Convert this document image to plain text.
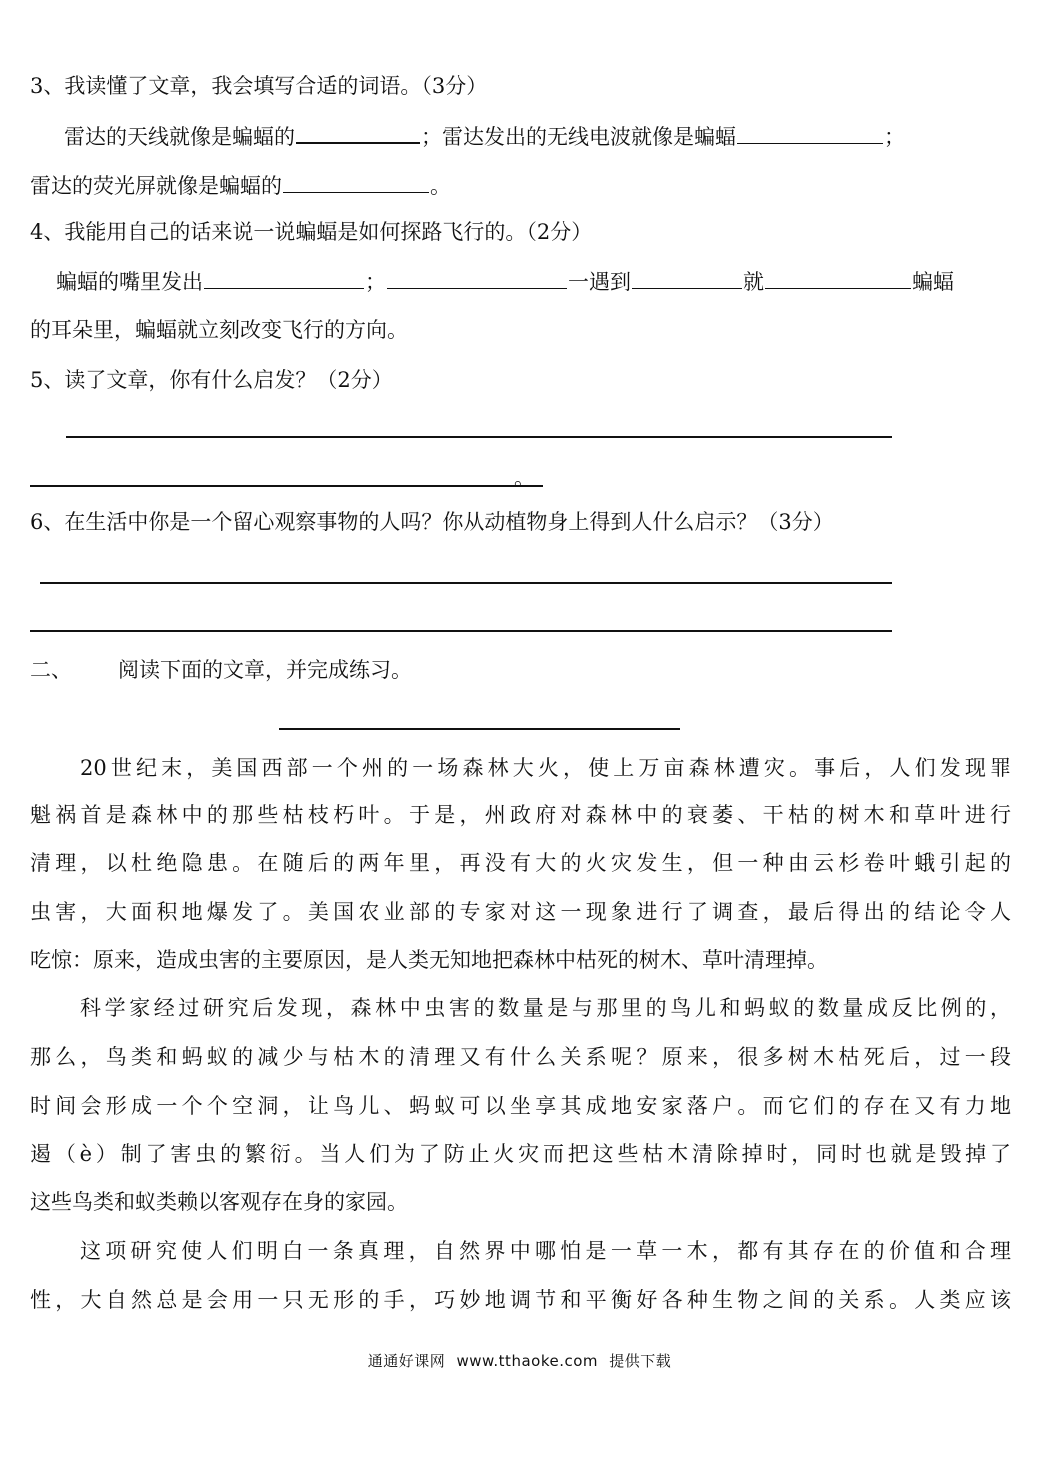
3、我读懂了文章，我会填写合适的词语。（3分）
雷达的天线就像是蝙蝠的	；雷达发出的无线电波就像是蝙蝠	；
雷达的荧光屏就像是蝙蝠的	。
4、我能用自己的话来说一说蝙蝠是如何探路飞行的。（2分）
蝙蝠的嘴里发出	；	一遇到	就	蝙蝠
的耳朵里，蝙蝠就立刻改变飞行的方向。
5、读了文章，你有什么启发？（2分）
。
6、在生活中你是一个留心观察事物的人吗？你从动植物身上得到人什么启示？（3分）
二、 阅读下面的文章，并完成练习。
20世纪末，美国西部一个州的一场森林大火，使上万亩森林遭灾。事后，人们发现罪
魁祸首是森林中的那些枯枝朽叶。于是，州政府对森林中的衰萎、干枯的树木和草叶进行
清理，以杜绝隐患。在随后的两年里，再没有大的火灾发生，但一种由云杉卷叶蛾引起的
虫害，大面积地爆发了。美国农业部的专家对这一现象进行了调查，最后得出的结论令人
吃惊：原来，造成虫害的主要原因，是人类无知地把森林中枯死的树木、草叶清理掉。
科学家经过研究后发现，森林中虫害的数量是与那里的鸟儿和蚂蚁的数量成反比例的，
那么，鸟类和蚂蚁的减少与枯木的清理又有什么关系呢？原来，很多树木枯死后，过一段
时间会形成一个个空洞，让鸟儿、蚂蚁可以坐享其成地安家落户。而它们的存在又有力地
遏（è）制了害虫的繁衍。当人们为了防止火灾而把这些枯木清除掉时，同时也就是毁掉了
这些鸟类和蚁类赖以客观存在身的家园。
这项研究使人们明白一条真理，自然界中哪怕是一草一木，都有其存在的价值和合理
性，大自然总是会用一只无形的手，巧妙地调节和平衡好各种生物之间的关系。人类应该
通通好课网 www.tthaoke.com 提供下载
